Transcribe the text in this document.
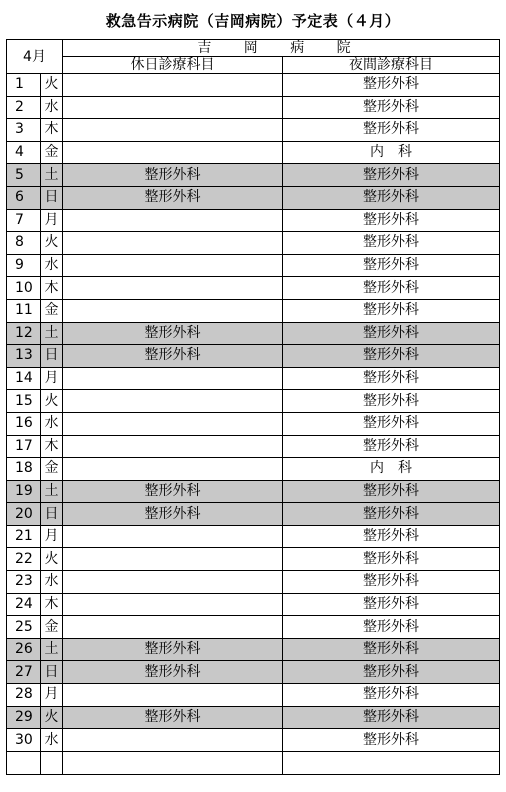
救急告示病院（吉岡病院）予定表（４月）
4月		吉 岡 病 院	
		休日診療科目	夜間診療科目
1	火		整形外科
2	水		整形外科
3	木		整形外科
4	金		内　科
5	土	整形外科	整形外科
6	日	整形外科	整形外科
7	月		整形外科
8	火		整形外科
9	水		整形外科
10	木		整形外科
11	金		整形外科
12	土	整形外科	整形外科
13	日	整形外科	整形外科
14	月		整形外科
15	火		整形外科
16	水		整形外科
17	木		整形外科
18	金		内　科
19	土	整形外科	整形外科
20	日	整形外科	整形外科
21	月		整形外科
22	火		整形外科
23	水		整形外科
24	木		整形外科
25	金		整形外科
26	土	整形外科	整形外科
27	日	整形外科	整形外科
28	月		整形外科
29	火	整形外科	整形外科
30	水		整形外科
